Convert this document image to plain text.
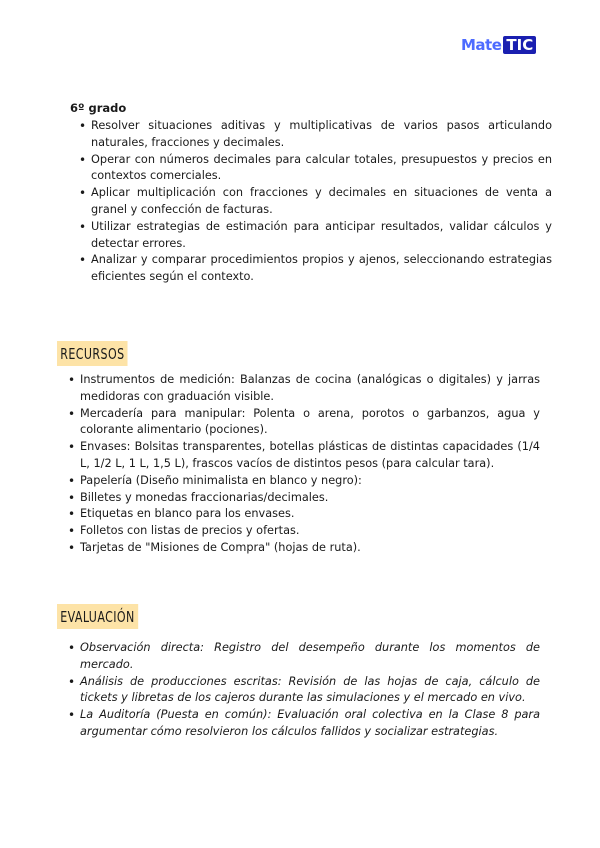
Mate TIC
6º grado
• Resolver situaciones aditivas y multiplicativas de varios pasos articulando naturales, fracciones y decimales.
• Operar con números decimales para calcular totales, presupuestos y precios en contextos comerciales.
• Aplicar multiplicación con fracciones y decimales en situaciones de venta a granel y confección de facturas.
• Utilizar estrategias de estimación para anticipar resultados, validar cálculos y detectar errores.
• Analizar y comparar procedimientos propios y ajenos, seleccionando estrategias eficientes según el contexto.
RECURSOS
• Instrumentos de medición: Balanzas de cocina (analógicas o digitales) y jarras medidoras con graduación visible.
• Mercadería para manipular: Polenta o arena, porotos o garbanzos, agua y colorante alimentario (pociones).
• Envases: Bolsitas transparentes, botellas plásticas de distintas capacidades (1/4 L, 1/2 L, 1 L, 1,5 L), frascos vacíos de distintos pesos (para calcular tara).
• Papelería (Diseño minimalista en blanco y negro):
• Billetes y monedas fraccionarias/decimales.
• Etiquetas en blanco para los envases.
• Folletos con listas de precios y ofertas.
• Tarjetas de "Misiones de Compra" (hojas de ruta).
EVALUACIÓN
• Observación directa: Registro del desempeño durante los momentos de mercado.
• Análisis de producciones escritas: Revisión de las hojas de caja, cálculo de tickets y libretas de los cajeros durante las simulaciones y el mercado en vivo.
• La Auditoría (Puesta en común): Evaluación oral colectiva en la Clase 8 para argumentar cómo resolvieron los cálculos fallidos y socializar estrategias.
